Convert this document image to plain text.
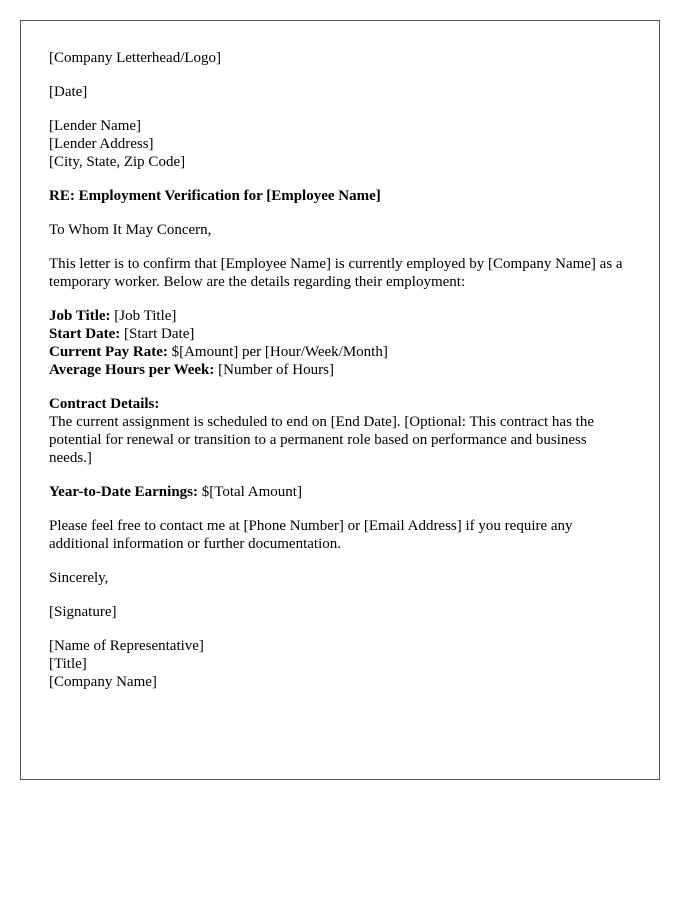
[Company Letterhead/Logo]

[Date]

[Lender Name]
[Lender Address]
[City, State, Zip Code]

RE: Employment Verification for [Employee Name]

To Whom It May Concern,

This letter is to confirm that [Employee Name] is currently employed by [Company Name] as a temporary worker. Below are the details regarding their employment:

Job Title: [Job Title]
Start Date: [Start Date]
Current Pay Rate: $[Amount] per [Hour/Week/Month]
Average Hours per Week: [Number of Hours]

Contract Details:
The current assignment is scheduled to end on [End Date]. [Optional: This contract has the potential for renewal or transition to a permanent role based on performance and business needs.]

Year-to-Date Earnings: $[Total Amount]

Please feel free to contact me at [Phone Number] or [Email Address] if you require any additional information or further documentation.

Sincerely,

[Signature]

[Name of Representative]
[Title]
[Company Name]
